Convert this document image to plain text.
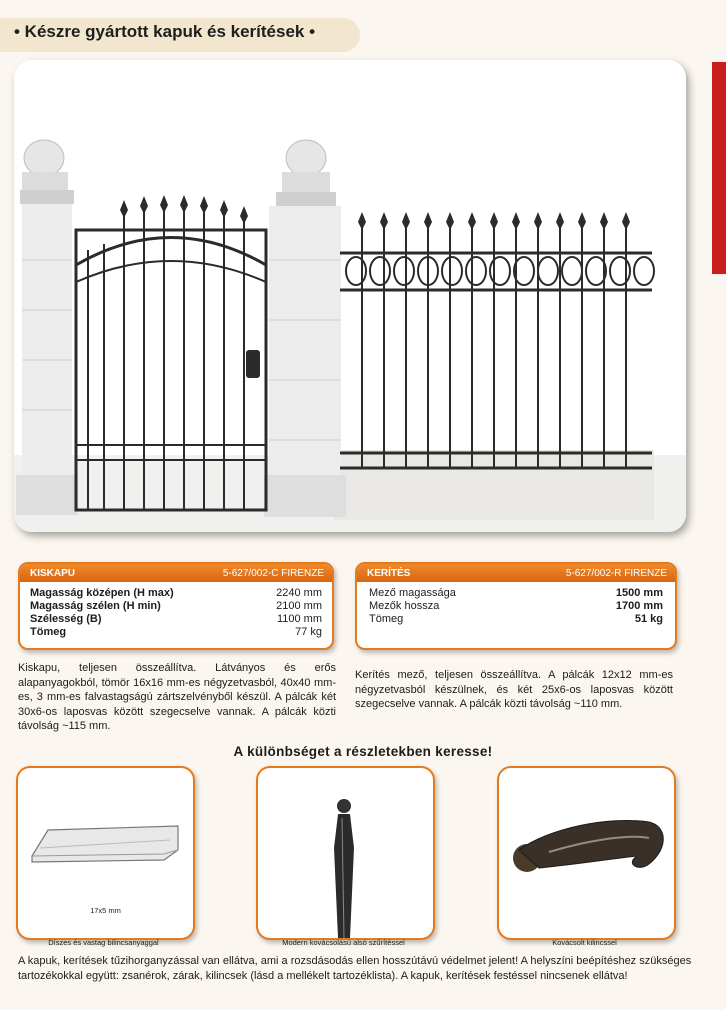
• Készre gyártott kapuk és kerítések •
KISKAPU	5-627/002-C FIRENZE
Magasság középen (H max)	2240 mm
Magasság szélen (H min)	2100 mm
Szélesség (B)	1100 mm
Tömeg	77 kg
KERÍTÉS	5-627/002-R FIRENZE
Mező magassága	1500 mm
Mezők hossza	1700 mm
Tömeg	51 kg
Kiskapu, teljesen összeállítva. Látványos és erős alapanyagokból, tömör 16x16 mm-es négyzetvasból, 40x40 mm-es, 3 mm-es falvastagságú zártszelvényből készül. A pálcák két 30x6-os laposvas között szegecselve vannak. A pálcák közti távolság ~115 mm.
Kerítés mező, teljesen összeállítva. A pálcák 12x12 mm-es négyzetvasból készülnek, és két 25x6-os laposvas között szegecselve vannak. A pálcák közti távolság ~110 mm.
A különbséget a részletekben keresse!
17x5 mm
Díszes és vastag bilincsanyaggal	Modern kovácsolású alsó szűrítéssel	Kovácsolt kilincssel
A kapuk, kerítések tűzihorganyzással van ellátva, ami a rozsdásodás ellen hosszútávú védelmet jelent! A helyszíni beépítéshez szükséges tartozékokkal együtt: zsanérok, zárak, kilincsek (lásd a mellékelt tartozéklista). A kapuk, kerítések festéssel nincsenek ellátva!
